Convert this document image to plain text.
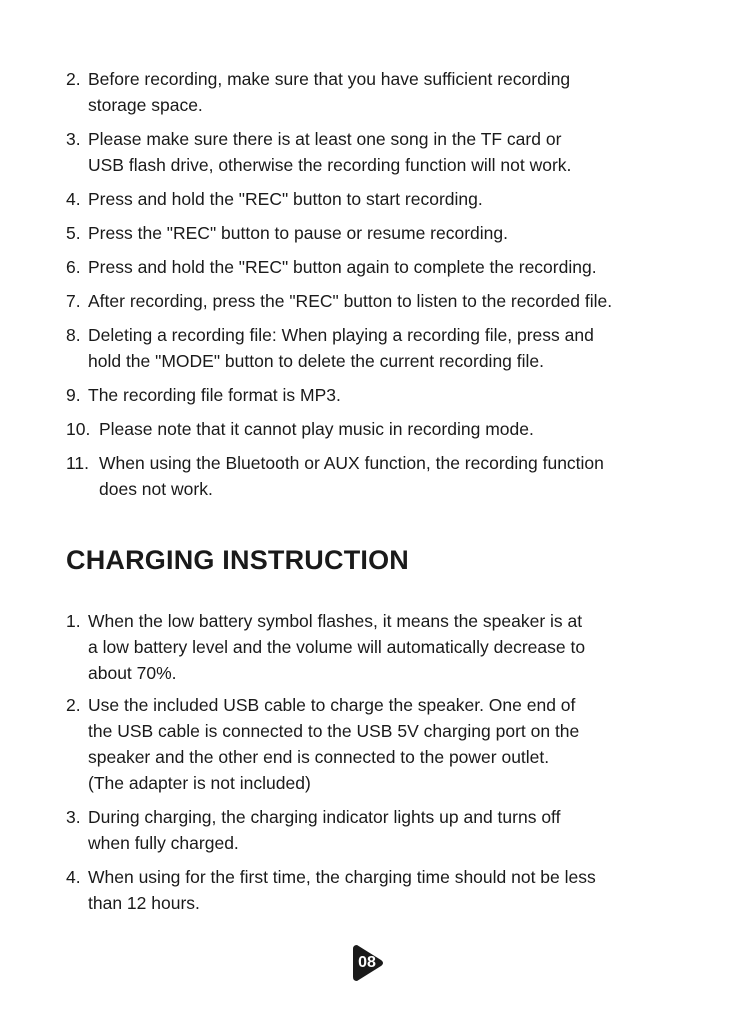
2. Before recording, make sure that you have sufficient recording
storage space.
3. Please make sure there is at least one song in the TF card or
USB flash drive, otherwise the recording function will not work.
4. Press and hold the "REC" button to start recording.
5. Press the "REC" button to pause or resume recording.
6. Press and hold the "REC" button again to complete the recording.
7. After recording, press the "REC" button to listen to the recorded file.
8. Deleting a recording file: When playing a recording file, press and
hold the "MODE" button to delete the current recording file.
9. The recording file format is MP3.
10. Please note that it cannot play music in recording mode.
11. When using the Bluetooth or AUX function, the recording function
does not work.
CHARGING INSTRUCTION
1. When the low battery symbol flashes, it means the speaker is at
a low battery level and the volume will automatically decrease to
about 70%.
2. Use the included USB cable to charge the speaker. One end of
the USB cable is connected to the USB 5V charging port on the
speaker and the other end is connected to the power outlet.
(The adapter is not included)
3. During charging, the charging indicator lights up and turns off
when fully charged.
4. When using for the first time, the charging time should not be less
than 12 hours.
08
